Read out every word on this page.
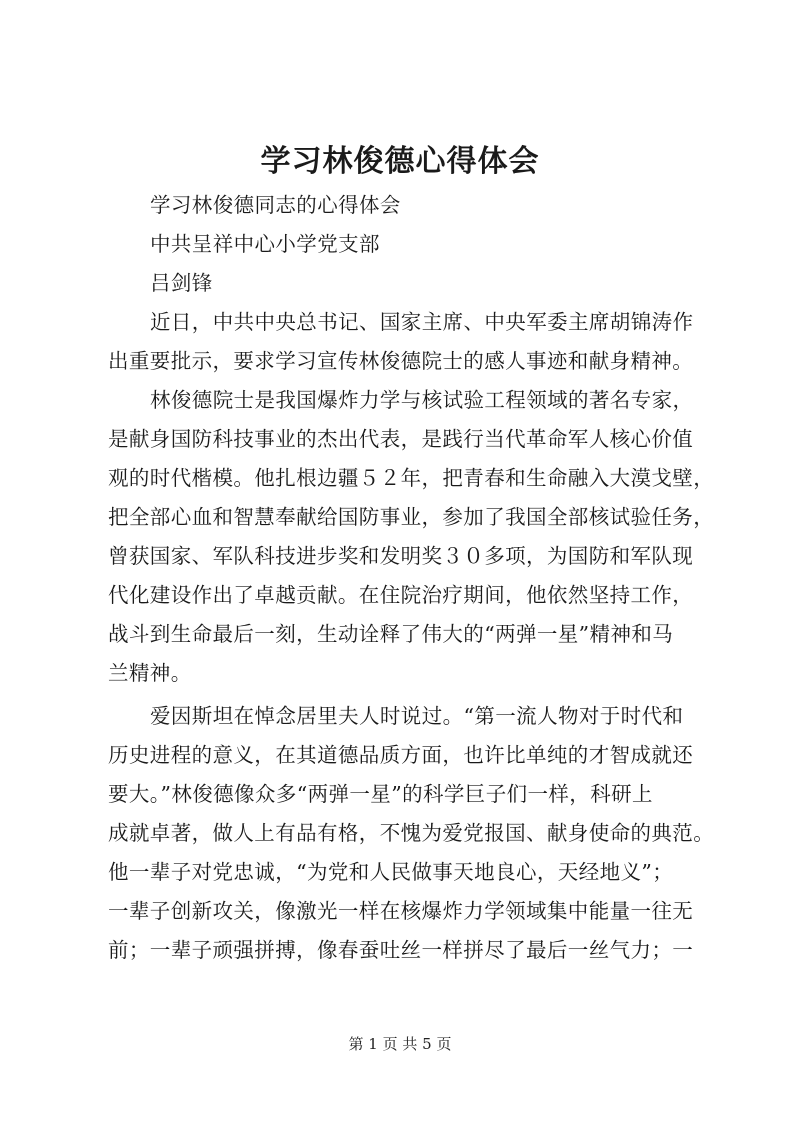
学习林俊德心得体会
学习林俊德同志的心得体会
中共呈祥中心小学党支部
吕剑锋
近日，中共中央总书记、国家主席、中央军委主席胡锦涛作
出重要批示，要求学习宣传林俊德院士的感人事迹和献身精神。
林俊德院士是我国爆炸力学与核试验工程领域的著名专家，
是献身国防科技事业的杰出代表，是践行当代革命军人核心价值
观的时代楷模。他扎根边疆５２年，把青春和生命融入大漠戈壁，
把全部心血和智慧奉献给国防事业，参加了我国全部核试验任务，
曾获国家、军队科技进步奖和发明奖３０多项，为国防和军队现
代化建设作出了卓越贡献。在住院治疗期间，他依然坚持工作，
战斗到生命最后一刻，生动诠释了伟大的“两弹一星”精神和马
兰精神。
爱因斯坦在悼念居里夫人时说过。“第一流人物对于时代和
历史进程的意义，在其道德品质方面，也许比单纯的才智成就还
要大。”林俊德像众多“两弹一星”的科学巨子们一样，科研上
成就卓著，做人上有品有格，不愧为爱党报国、献身使命的典范。
他一辈子对党忠诚，“为党和人民做事天地良心，天经地义”；
一辈子创新攻关，像激光一样在核爆炸力学领域集中能量一往无
前；一辈子顽强拼搏，像春蚕吐丝一样拼尽了最后一丝气力；一
第 1 页 共 5 页
